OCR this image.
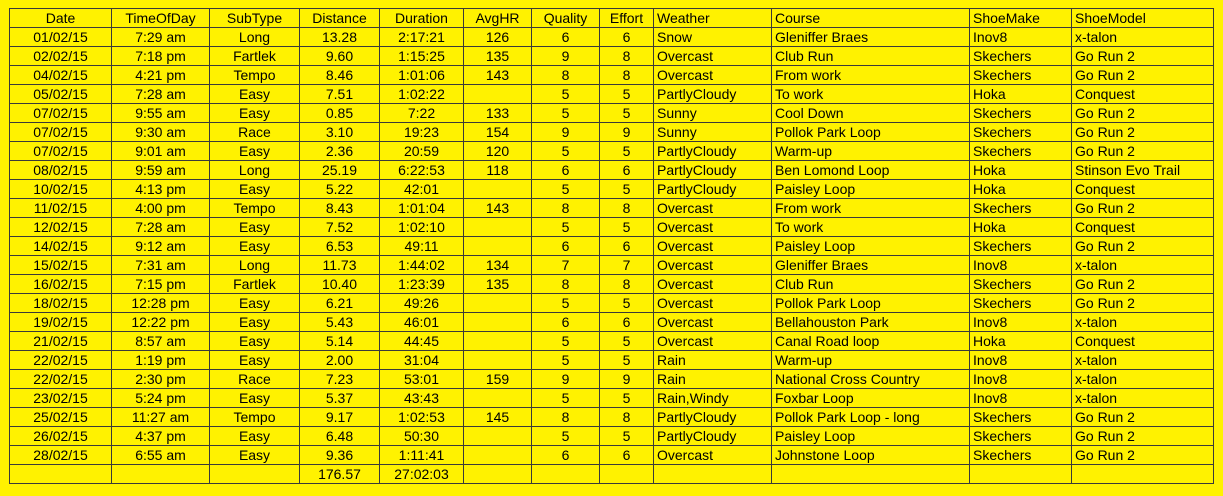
Date	TimeOfDay	SubType	Distance	Duration	AvgHR	Quality	Effort	Weather	Course	ShoeMake	ShoeModel
01/02/15	7:29 am	Long	13.28	2:17:21	126	6	6	Snow	Gleniffer Braes	Inov8	x-talon
02/02/15	7:18 pm	Fartlek	9.60	1:15:25	135	9	8	Overcast	Club Run	Skechers	Go Run 2
04/02/15	4:21 pm	Tempo	8.46	1:01:06	143	8	8	Overcast	From work	Skechers	Go Run 2
05/02/15	7:28 am	Easy	7.51	1:02:22		5	5	PartlyCloudy	To work	Hoka	Conquest
07/02/15	9:55 am	Easy	0.85	7:22	133	5	5	Sunny	Cool Down	Skechers	Go Run 2
07/02/15	9:30 am	Race	3.10	19:23	154	9	9	Sunny	Pollok Park Loop	Skechers	Go Run 2
07/02/15	9:01 am	Easy	2.36	20:59	120	5	5	PartlyCloudy	Warm-up	Skechers	Go Run 2
08/02/15	9:59 am	Long	25.19	6:22:53	118	6	6	PartlyCloudy	Ben Lomond Loop	Hoka	Stinson Evo Trail
10/02/15	4:13 pm	Easy	5.22	42:01		5	5	PartlyCloudy	Paisley Loop	Hoka	Conquest
11/02/15	4:00 pm	Tempo	8.43	1:01:04	143	8	8	Overcast	From work	Skechers	Go Run 2
12/02/15	7:28 am	Easy	7.52	1:02:10		5	5	Overcast	To work	Hoka	Conquest
14/02/15	9:12 am	Easy	6.53	49:11		6	6	Overcast	Paisley Loop	Skechers	Go Run 2
15/02/15	7:31 am	Long	11.73	1:44:02	134	7	7	Overcast	Gleniffer Braes	Inov8	x-talon
16/02/15	7:15 pm	Fartlek	10.40	1:23:39	135	8	8	Overcast	Club Run	Skechers	Go Run 2
18/02/15	12:28 pm	Easy	6.21	49:26		5	5	Overcast	Pollok Park Loop	Skechers	Go Run 2
19/02/15	12:22 pm	Easy	5.43	46:01		6	6	Overcast	Bellahouston Park	Inov8	x-talon
21/02/15	8:57 am	Easy	5.14	44:45		5	5	Overcast	Canal Road loop	Hoka	Conquest
22/02/15	1:19 pm	Easy	2.00	31:04		5	5	Rain	Warm-up	Inov8	x-talon
22/02/15	2:30 pm	Race	7.23	53:01	159	9	9	Rain	National Cross Country	Inov8	x-talon
23/02/15	5:24 pm	Easy	5.37	43:43		5	5	Rain,Windy	Foxbar Loop	Inov8	x-talon
25/02/15	11:27 am	Tempo	9.17	1:02:53	145	8	8	PartlyCloudy	Pollok Park Loop - long	Skechers	Go Run 2
26/02/15	4:37 pm	Easy	6.48	50:30		5	5	PartlyCloudy	Paisley Loop	Skechers	Go Run 2
28/02/15	6:55 am	Easy	9.36	1:11:41		6	6	Overcast	Johnstone Loop	Skechers	Go Run 2
			176.57	27:02:03							
